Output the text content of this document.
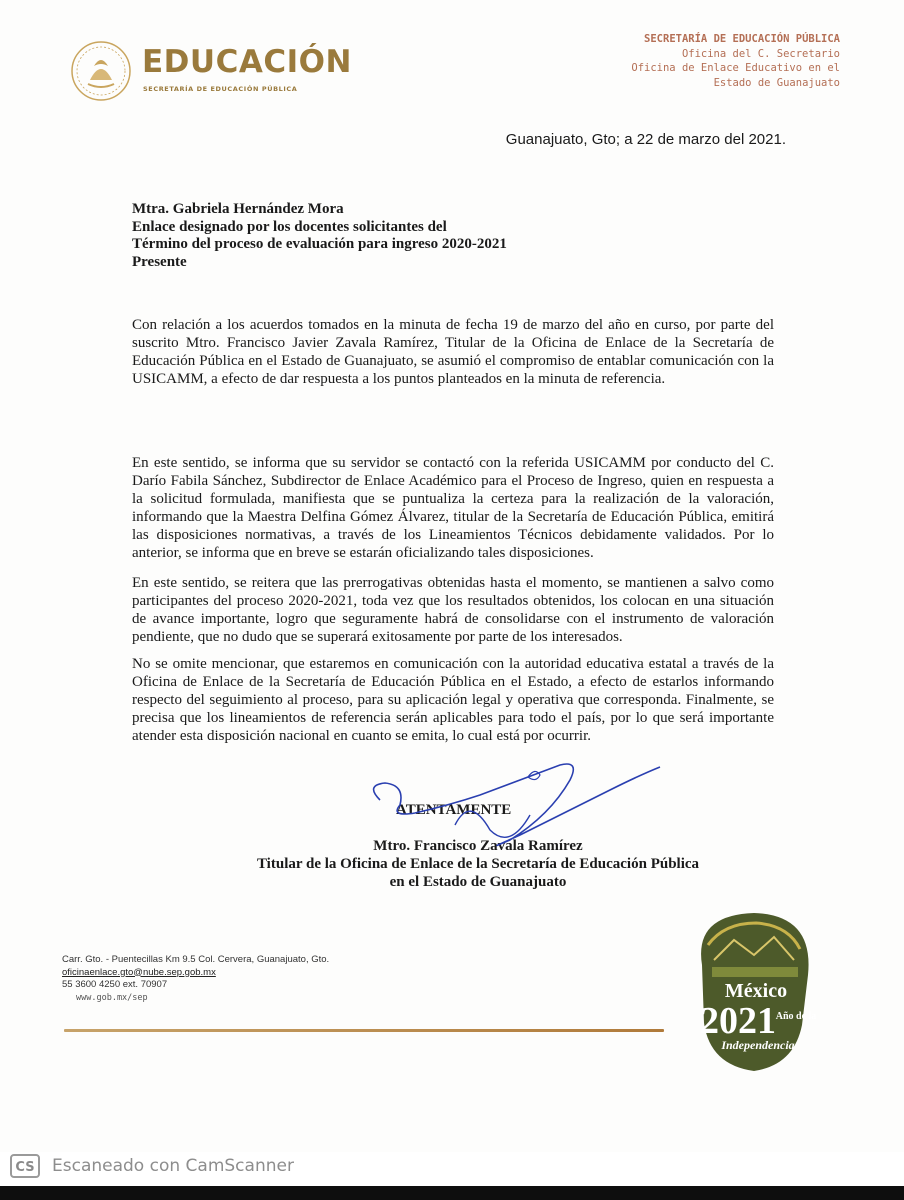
EDUCACIÓN
SECRETARÍA DE EDUCACIÓN PÚBLICA
SECRETARÍA DE EDUCACIÓN PÚBLICA
Oficina del C. Secretario
Oficina de Enlace Educativo en el
Estado de Guanajuato
Guanajuato, Gto; a 22 de marzo del 2021.
Mtra. Gabriela Hernández Mora
Enlace designado por los docentes solicitantes del
Término del proceso de evaluación para ingreso 2020-2021
Presente

Con relación a los acuerdos tomados en la minuta de fecha 19 de marzo del año en curso, por parte del suscrito Mtro. Francisco Javier Zavala Ramírez, Titular de la Oficina de Enlace de la Secretaría de Educación Pública en el Estado de Guanajuato, se asumió el compromiso de entablar comunicación con la USICAMM, a efecto de dar respuesta a los puntos planteados en la minuta de referencia.

En este sentido, se informa que su servidor se contactó con la referida USICAMM por conducto del C. Darío Fabila Sánchez, Subdirector de Enlace Académico para el Proceso de Ingreso, quien en respuesta a la solicitud formulada, manifiesta que se puntualiza la certeza para la realización de la valoración, informando que la Maestra Delfina Gómez Álvarez, titular de la Secretaría de Educación Pública, emitirá las disposiciones normativas, a través de los Lineamientos Técnicos debidamente validados. Por lo anterior, se informa que en breve se estarán oficializando tales disposiciones.

En este sentido, se reitera que las prerrogativas obtenidas hasta el momento, se mantienen a salvo como participantes del proceso 2020-2021, toda vez que los resultados obtenidos, los colocan en una situación de avance importante, logro que seguramente habrá de consolidarse con el instrumento de valoración pendiente, que no dudo que se superará exitosamente por parte de los interesados.

No se omite mencionar, que estaremos en comunicación con la autoridad educativa estatal a través de la Oficina de Enlace de la Secretaría de Educación Pública en el Estado, a efecto de estarlos informando respecto del seguimiento al proceso, para su aplicación legal y operativa que corresponda. Finalmente, se precisa que los lineamientos de referencia serán aplicables para todo el país, por lo que será importante atender esta disposición nacional en cuanto se emita, lo cual está por ocurrir.

ATENTAMENTE
Mtro. Francisco Zavala Ramírez
Titular de la Oficina de Enlace de la Secretaría de Educación Pública
en el Estado de Guanajuato
Carr. Gto. - Puentecillas Km 9.5 Col. Cervera, Guanajuato, Gto.
oficinaenlace.gto@nube.sep.gob.mx
55 3600 4250 ext. 70907
www.gob.mx/sep	México
2021 Año de la
Independencia
CS	Escaneado con CamScanner
